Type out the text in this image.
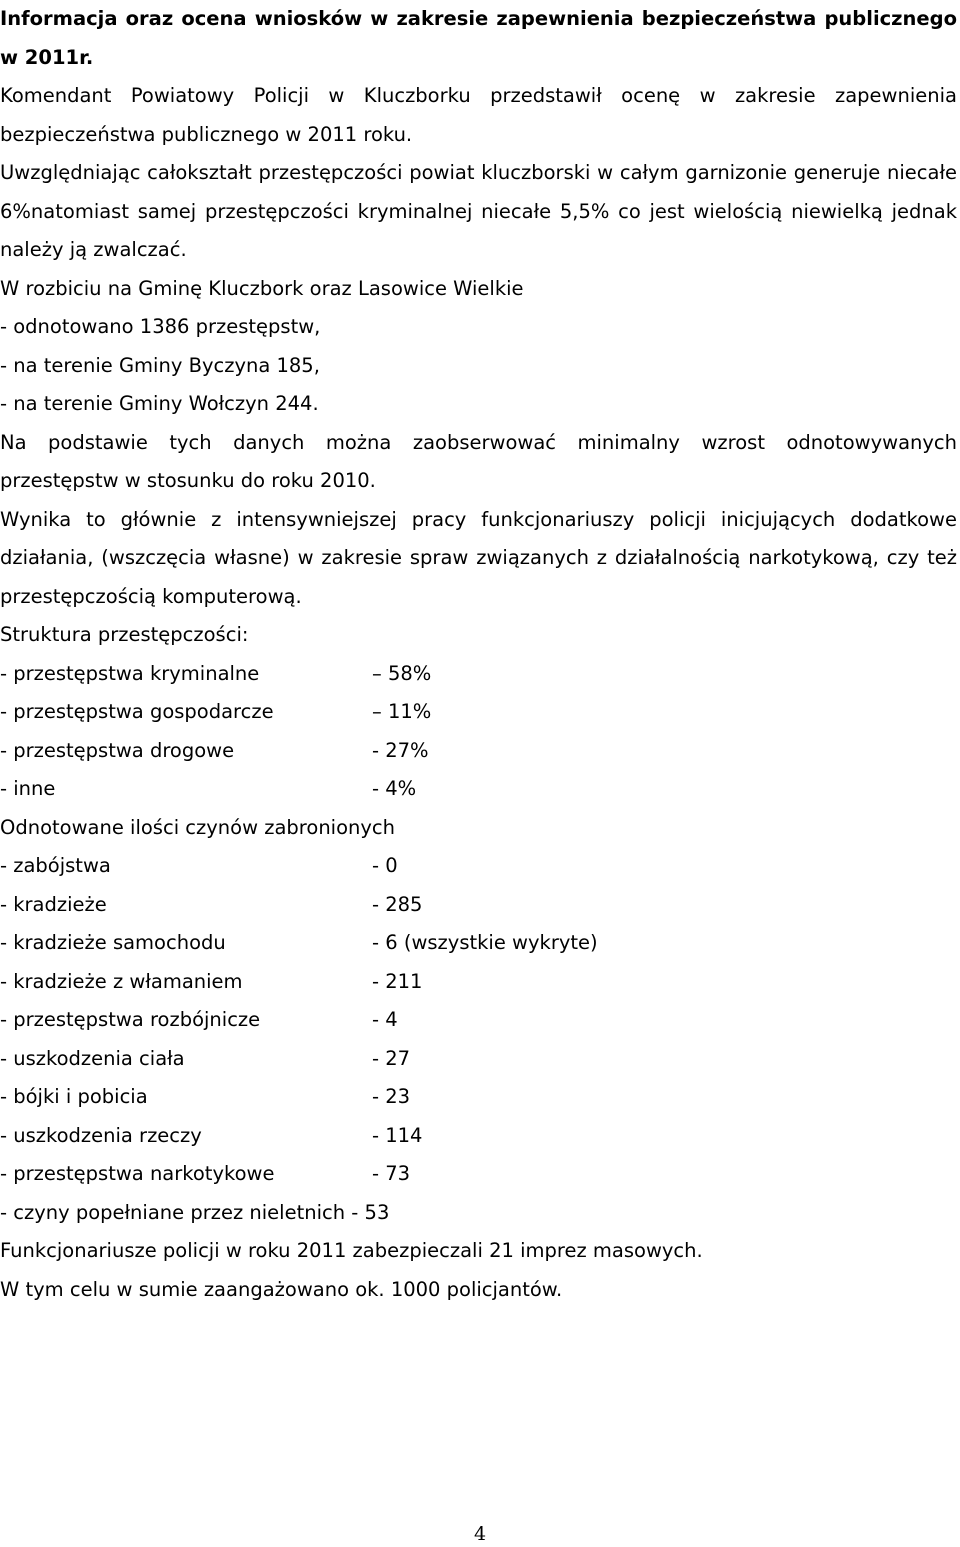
Informacja oraz ocena wniosków w zakresie zapewnienia bezpieczeństwa publicznego w 2011r.

Komendant Powiatowy Policji w Kluczborku przedstawił ocenę w zakresie zapewnienia bezpieczeństwa publicznego w 2011 roku.

Uwzględniając całokształt przestępczości powiat kluczborski w całym garnizonie generuje niecałe 6%natomiast samej przestępczości kryminalnej niecałe 5,5% co jest wielością niewielką jednak należy ją zwalczać.

W rozbiciu na Gminę Kluczbork oraz Lasowice Wielkie

- odnotowano 1386 przestępstw,
- na terenie Gminy Byczyna 185,
- na terenie Gminy Wołczyn 244.

Na podstawie tych danych można zaobserwować minimalny wzrost odnotowywanych przestępstw w stosunku do roku 2010.

Wynika to głównie z intensywniejszej pracy funkcjonariuszy policji inicjujących dodatkowe działania, (wszczęcia własne) w zakresie spraw związanych z działalnością narkotykową, czy też przestępczością komputerową.

Struktura przestępczości:
- przestępstwa kryminalne	– 58%
- przestępstwa gospodarcze	– 11%
- przestępstwa drogowe	- 27%
- inne	- 4%
Odnotowane ilości czynów zabronionych
- zabójstwa	- 0
- kradzieże	- 285
- kradzieże samochodu	- 6 (wszystkie wykryte)
- kradzieże z włamaniem	- 211
- przestępstwa rozbójnicze	- 4
- uszkodzenia ciała	- 27
- bójki i pobicia	- 23
- uszkodzenia rzeczy	- 114
- przestępstwa narkotykowe	- 73
- czyny popełniane przez nieletnich - 53
Funkcjonariusze policji w roku 2011 zabezpieczali 21 imprez masowych.
W tym celu w sumie zaangażowano ok. 1000 policjantów.
4
